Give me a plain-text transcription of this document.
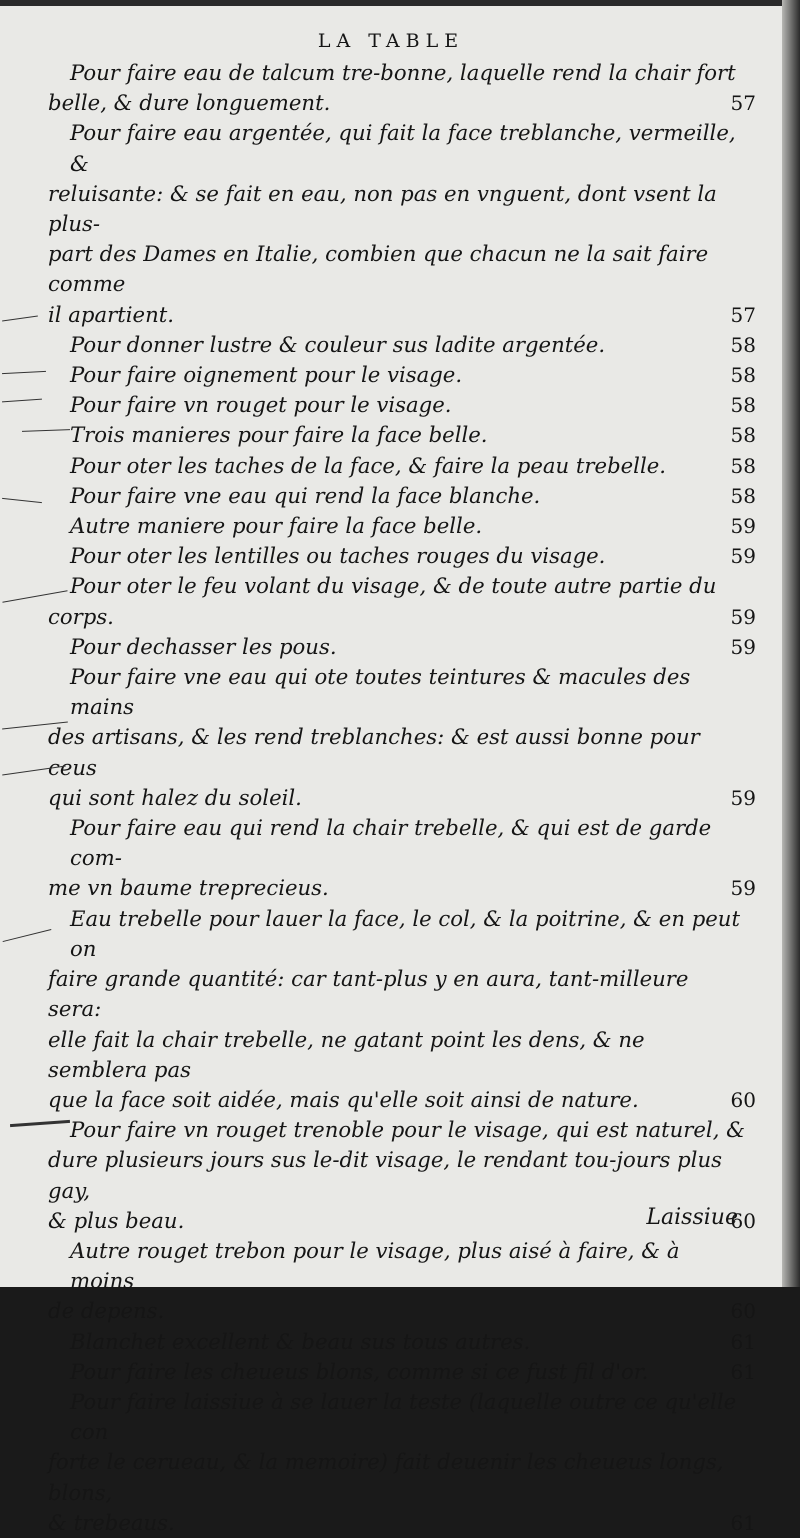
LA TABLE
Pour faire eau de talcum tre-bonne, laquelle rend la chair fort
belle, & dure longuement.	57
Pour faire eau argentée, qui fait la face treblanche, vermeille, &
reluisante: & se fait en eau, non pas en vnguent, dont vsent la plus-
part des Dames en Italie, combien que chacun ne la sait faire comme
il apartient.	57
Pour donner lustre & couleur sus ladite argentée.	58
Pour faire oignement pour le visage.	58
Pour faire vn rouget pour le visage.	58
Trois manieres pour faire la face belle.	58
Pour oter les taches de la face, & faire la peau trebelle.	58
Pour faire vne eau qui rend la face blanche.	58
Autre maniere pour faire la face belle.	59
Pour oter les lentilles ou taches rouges du visage.	59
Pour oter le feu volant du visage, & de toute autre partie du
corps.	59
Pour dechasser les pous.	59
Pour faire vne eau qui ote toutes teintures & macules des mains
des artisans, & les rend treblanches: & est aussi bonne pour ceus
qui sont halez du soleil.	59
Pour faire eau qui rend la chair trebelle, & qui est de garde com-
me vn baume treprecieus.	59
Eau trebelle pour lauer la face, le col, & la poitrine, & en peut on
faire grande quantité: car tant-plus y en aura, tant-milleure sera:
elle fait la chair trebelle, ne gatant point les dens, & ne semblera pas
que la face soit aidée, mais qu'elle soit ainsi de nature.	60
Pour faire vn rouget trenoble pour le visage, qui est naturel, &
dure plusieurs jours sus le-dit visage, le rendant tou-jours plus gay,
& plus beau.	60
Autre rouget trebon pour le visage, plus aisé à faire, & à moins
de depens.	60
Blanchet excellent & beau sus tous autres.	61
Pour faire les cheueus blons, comme si ce fust fil d'or.	61
Pour faire laissiue à se lauer la teste (laquelle outre ce qu'elle con
forte le cerueau, & la memoire) fait deuenir les cheueus longs, blons,
& trebeaus.	61
Laissiue
